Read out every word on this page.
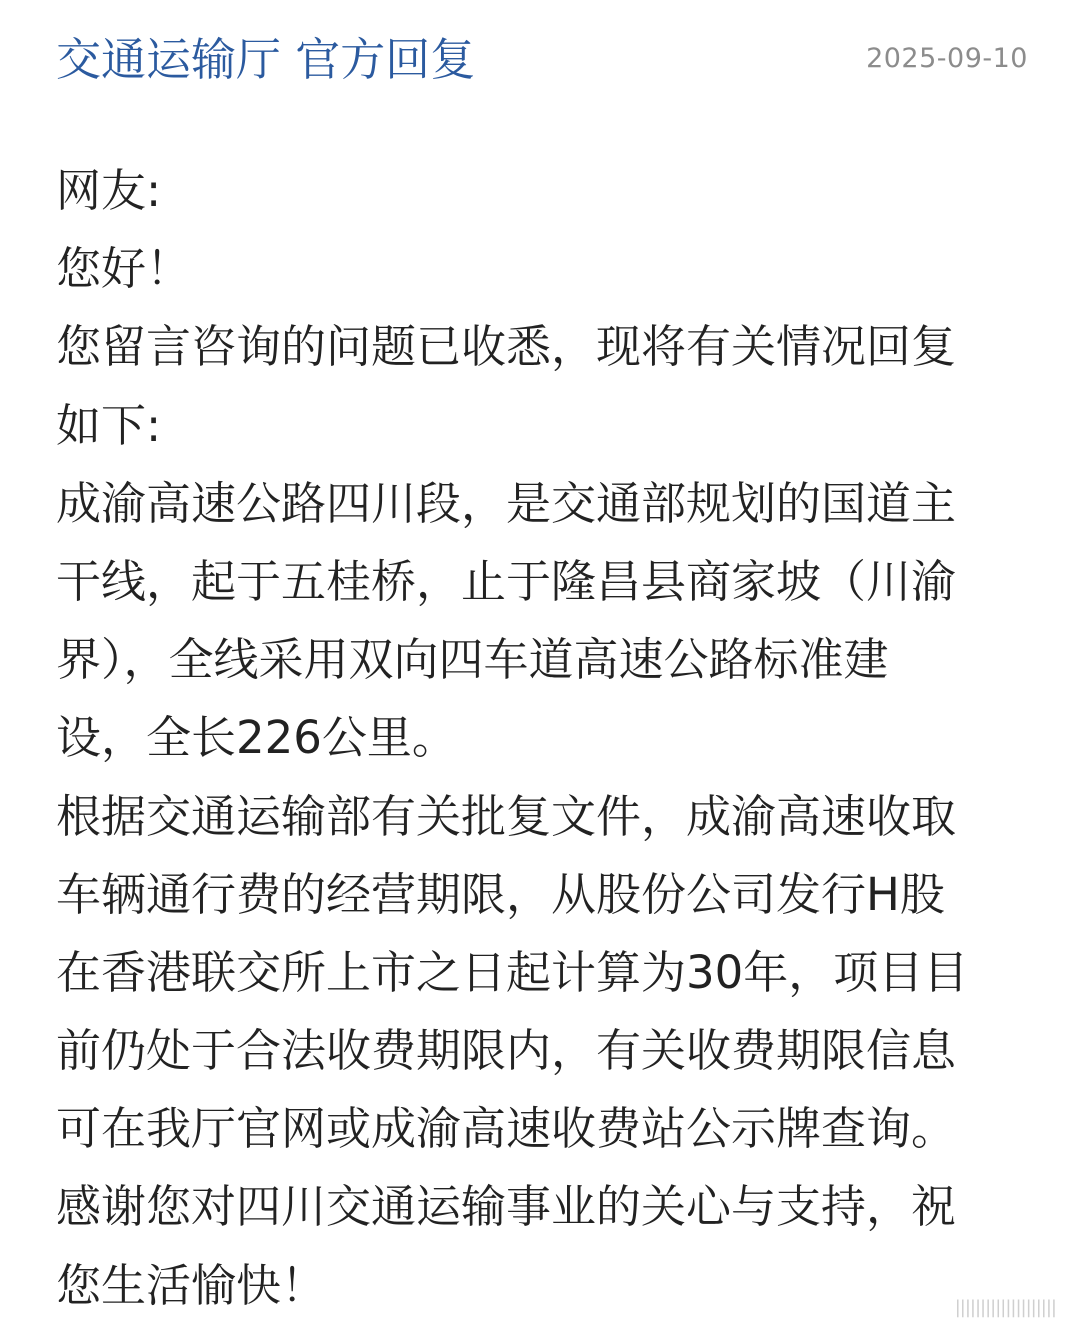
交通运输厅 官方回复	2025-09-10
网友:
您好！
您留言咨询的问题已收悉，现将有关情况回复
如下:
成渝高速公路四川段，是交通部规划的国道主
干线，起于五桂桥，止于隆昌县商家坡（川渝
界），全线采用双向四车道高速公路标准建
设，全长226公里。
根据交通运输部有关批复文件，成渝高速收取
车辆通行费的经营期限，从股份公司发行H股
在香港联交所上市之日起计算为30年，项目目
前仍处于合法收费期限内，有关收费期限信息
可在我厅官网或成渝高速收费站公示牌查询。
感谢您对四川交通运输事业的关心与支持，祝
您生活愉快！	||||||||||||||||||||
